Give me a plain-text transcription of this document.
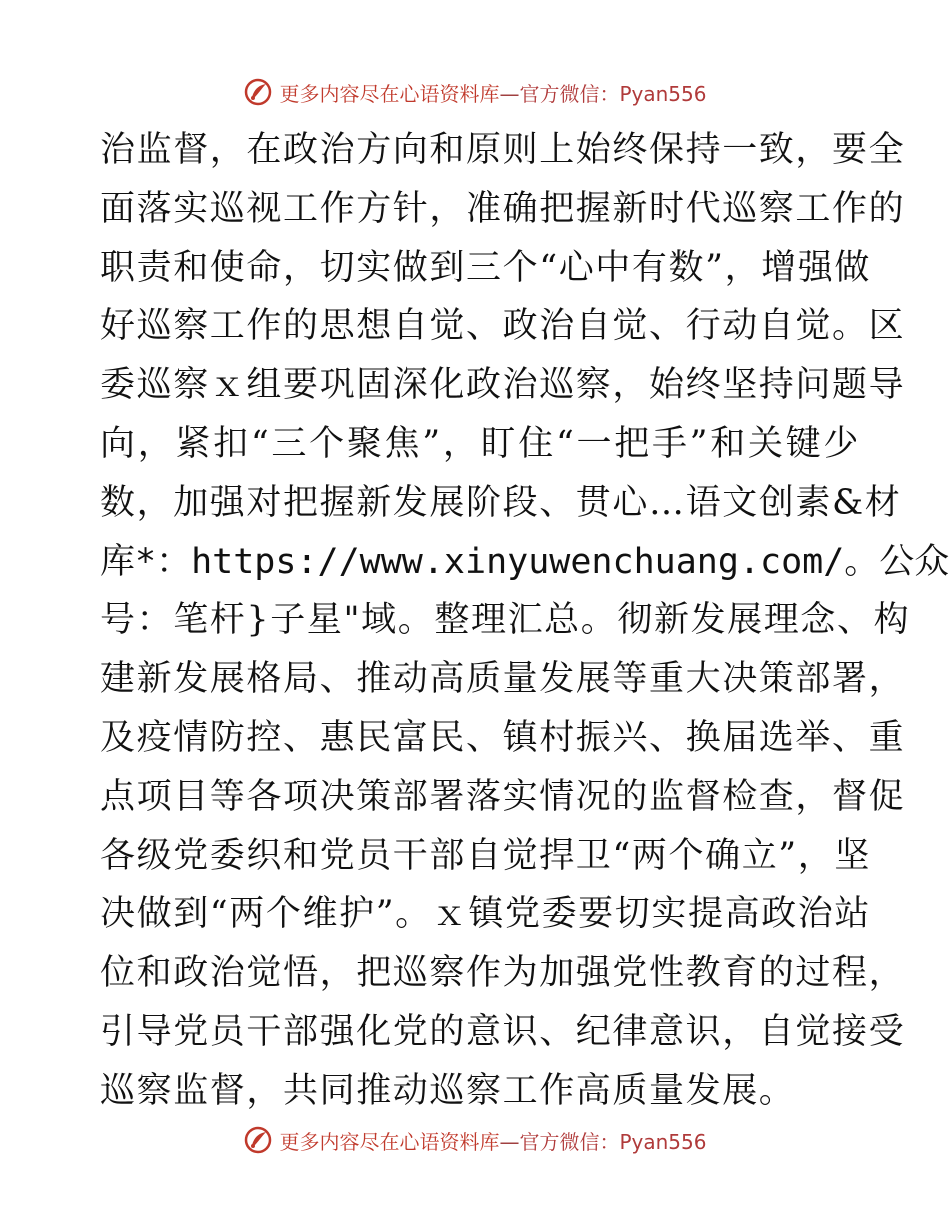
更多内容尽在心语资料库—官方微信：Pyan556
治监督，在政治方向和原则上始终保持一致，要全
面落实巡视工作方针，准确把握新时代巡察工作的
职责和使命，切实做到三个“心中有数”，增强做
好巡察工作的思想自觉、政治自觉、行动自觉。区
委巡察ｘ组要巩固深化政治巡察，始终坚持问题导
向，紧扣“三个聚焦”，盯住“一把手”和关键少
数，加强对把握新发展阶段、贯心…语文创素&材
库*：https://www.xinyuwenchuang.com/。公众
号：笔杆}子星"域。整理汇总。彻新发展理念、构
建新发展格局、推动高质量发展等重大决策部署，
及疫情防控、惠民富民、镇村振兴、换届选举、重
点项目等各项决策部署落实情况的监督检查，督促
各级党委织和党员干部自觉捍卫“两个确立”，坚
决做到“两个维护”。ｘ镇党委要切实提高政治站
位和政治觉悟，把巡察作为加强党性教育的过程，
引导党员干部强化党的意识、纪律意识，自觉接受
巡察监督，共同推动巡察工作高质量发展。
更多内容尽在心语资料库—官方微信：Pyan556
